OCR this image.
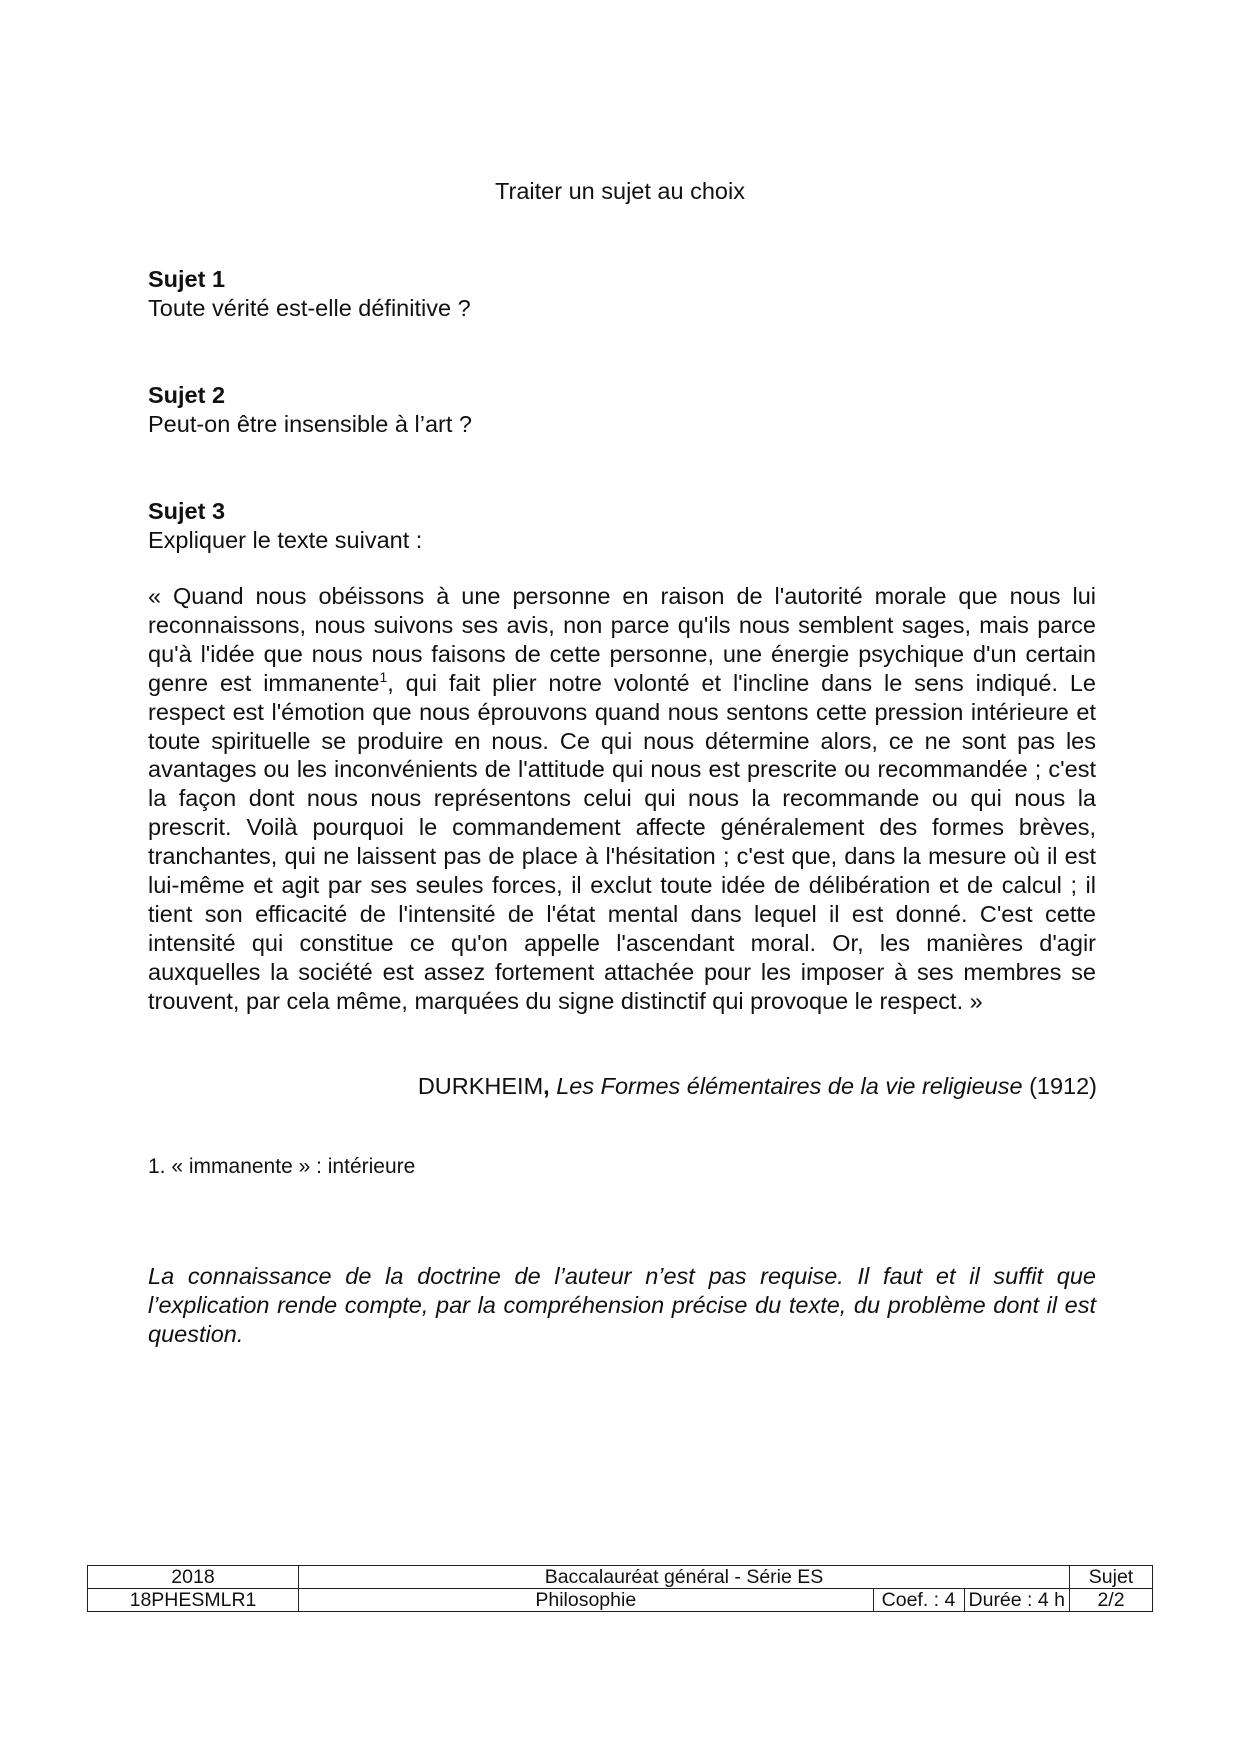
Traiter un sujet au choix
Sujet 1
Toute vérité est-elle définitive ?
Sujet 2
Peut-on être insensible à l’art ?
Sujet 3
Expliquer le texte suivant :
« Quand nous obéissons à une personne en raison de l'autorité morale que nous lui reconnaissons, nous suivons ses avis, non parce qu'ils nous semblent sages, mais parce qu'à l'idée que nous nous faisons de cette personne, une énergie psychique d'un certain genre est immanente$^1$, qui fait plier notre volonté et l'incline dans le sens indiqué. Le respect est l'émotion que nous éprouvons quand nous sentons cette pression intérieure et toute spirituelle se produire en nous. Ce qui nous détermine alors, ce ne sont pas les avantages ou les inconvénients de l'attitude qui nous est prescrite ou recommandée ; c'est la façon dont nous nous représentons celui qui nous la recommande ou qui nous la prescrit. Voilà pourquoi le commandement affecte généralement des formes brèves, tranchantes, qui ne laissent pas de place à l'hésitation ; c'est que, dans la mesure où il est lui-même et agit par ses seules forces, il exclut toute idée de délibération et de calcul ; il tient son efficacité de l'intensité de l'état mental dans lequel il est donné. C'est cette intensité qui constitue ce qu'on appelle l'ascendant moral. Or, les manières d'agir auxquelles la société est assez fortement attachée pour les imposer à ses membres se trouvent, par cela même, marquées du signe distinctif qui provoque le respect. »
DURKHEIM, Les Formes élémentaires de la vie religieuse (1912)
1. « immanente » : intérieure
La connaissance de la doctrine de l’auteur n’est pas requise. Il faut et il suffit que l’explication rende compte, par la compréhension précise du texte, du problème dont il est question.
2018	Baccalauréat général - Série ES			Sujet
18PHESMLR1	Philosophie	Coef. : 4	Durée : 4 h	2/2
